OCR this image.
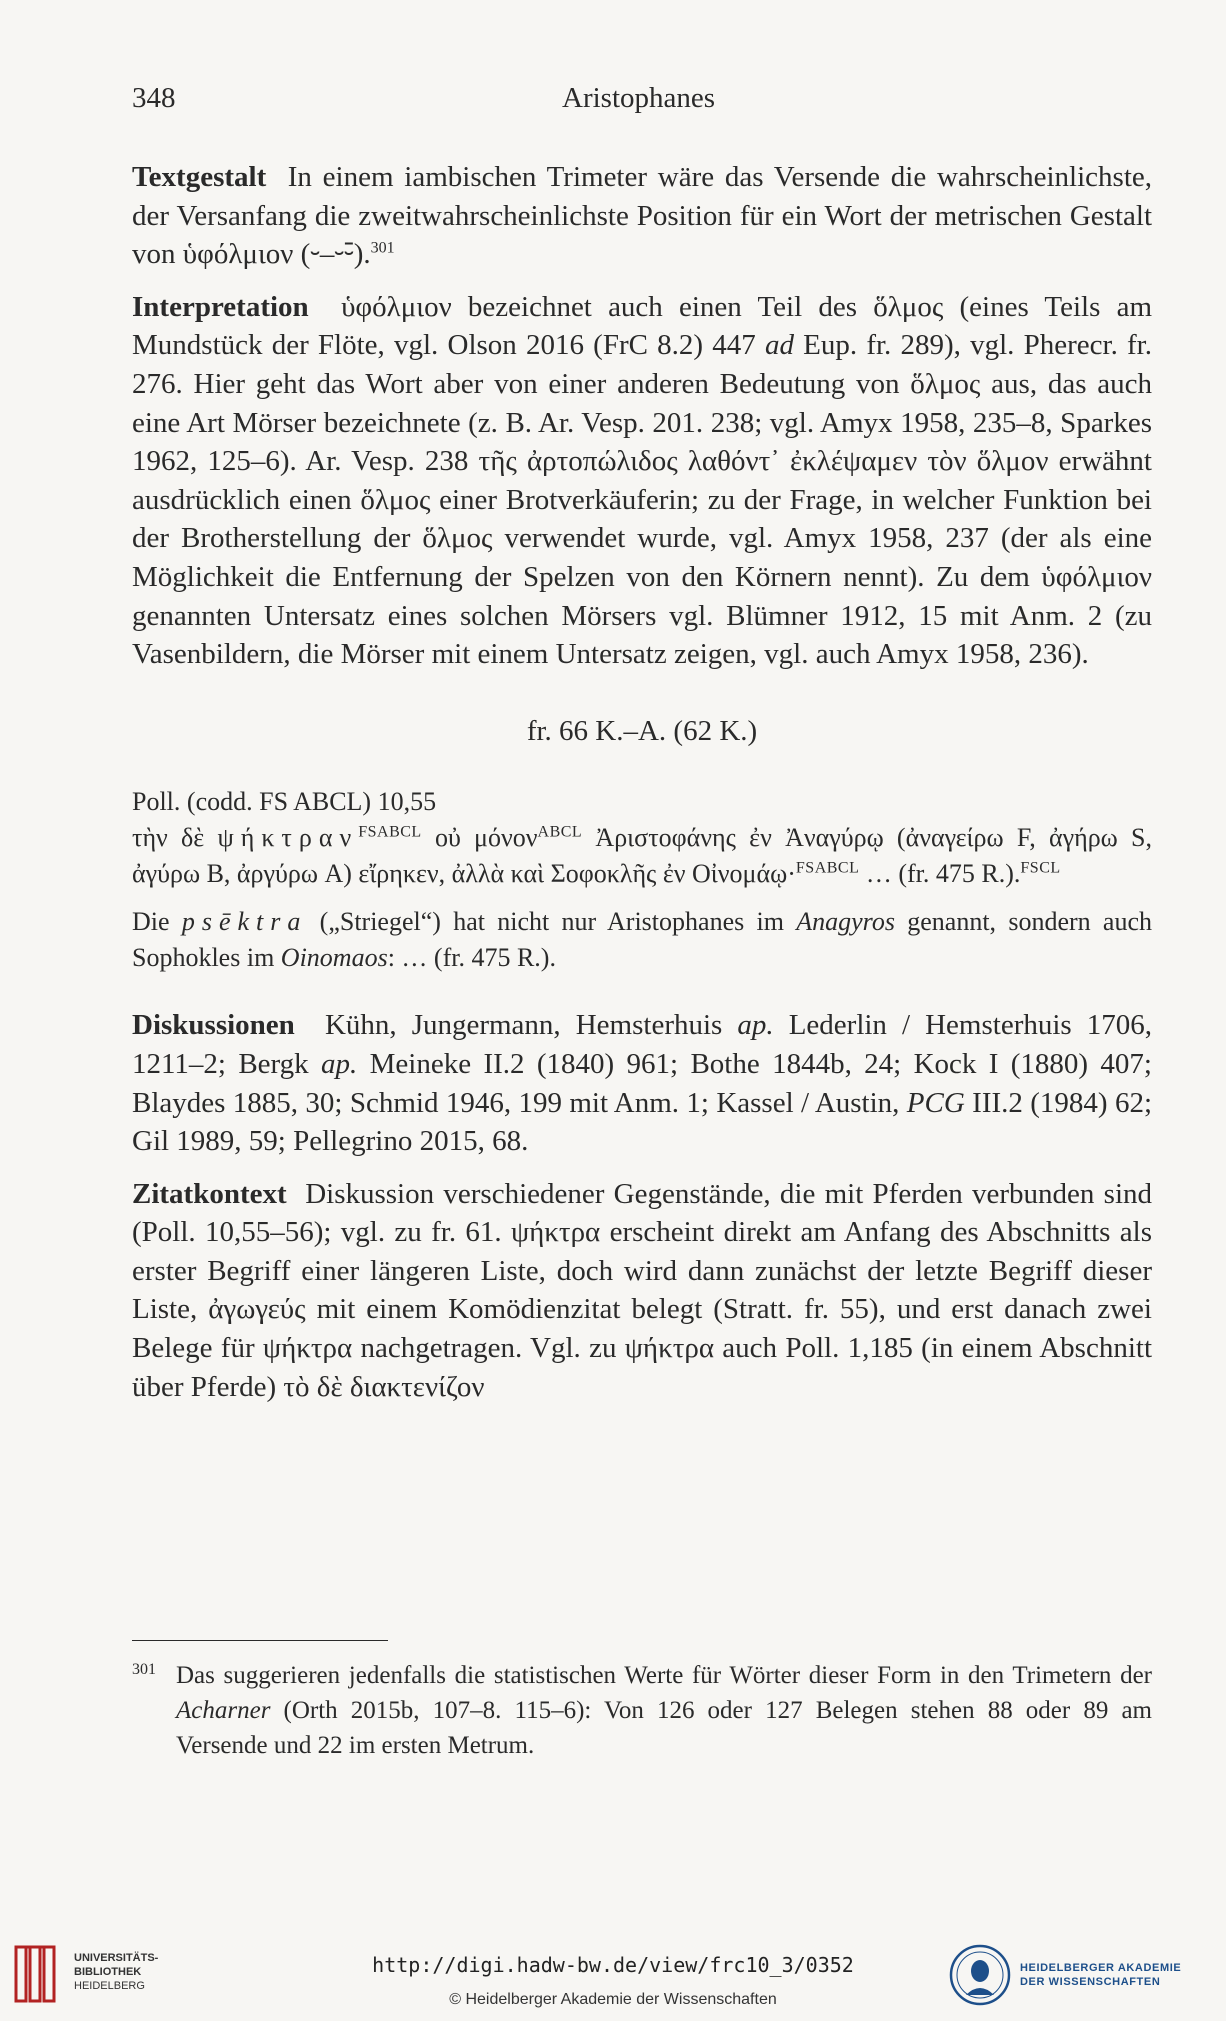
348	Aristophanes

Textgestalt In einem iambischen Trimeter wäre das Versende die wahrscheinlichste, der Versanfang die zweitwahrscheinlichste Position für ein Wort der metrischen Gestalt von ὑφόλμιον (⏑–⏑⏑̄).$^{301}$

Interpretation ὑφόλμιον bezeichnet auch einen Teil des ὅλμος (eines Teils am Mundstück der Flöte, vgl. Olson 2016 (FrC 8.2) 447 ad Eup. fr. 289), vgl. Pherecr. fr. 276. Hier geht das Wort aber von einer anderen Bedeutung von ὅλμος aus, das auch eine Art Mörser bezeichnete (z. B. Ar. Vesp. 201. 238; vgl. Amyx 1958, 235–8, Sparkes 1962, 125–6). Ar. Vesp. 238 τῆς ἀρτοπώλιδος λαθόντ᾽ ἐκλέψαμεν τὸν ὅλμον erwähnt ausdrücklich einen ὅλμος einer Brotverkäuferin; zu der Frage, in welcher Funktion bei der Brotherstellung der ὅλμος verwendet wurde, vgl. Amyx 1958, 237 (der als eine Möglichkeit die Entfernung der Spelzen von den Körnern nennt). Zu dem ὑφόλμιον genannten Untersatz eines solchen Mörsers vgl. Blümner 1912, 15 mit Anm. 2 (zu Vasenbildern, die Mörser mit einem Untersatz zeigen, vgl. auch Amyx 1958, 236).

fr. 66 K.–A. (62 K.)

Poll. (codd. FS ABCL) 10,55
τὴν δὲ ψήκτραν$^{FSABCL}$ οὐ μόνον$^{ABCL}$ Ἀριστοφάνης ἐν Ἀναγύρῳ (ἀναγείρω F, ἀγήρω S, ἀγύρω B, ἀργύρω A) εἴρηκεν, ἀλλὰ καὶ Σοφοκλῆς ἐν Οἰνομάῳ·$^{FSABCL}$ … (fr. 475 R.).$^{FSCL}$
Die psēktra („Striegel“) hat nicht nur Aristophanes im Anagyros genannt, sondern auch Sophokles im Oinomaos: … (fr. 475 R.).

Diskussionen Kühn, Jungermann, Hemsterhuis ap. Lederlin / Hemsterhuis 1706, 1211–2; Bergk ap. Meineke II.2 (1840) 961; Bothe 1844b, 24; Kock I (1880) 407; Blaydes 1885, 30; Schmid 1946, 199 mit Anm. 1; Kassel / Austin, PCG III.2 (1984) 62; Gil 1989, 59; Pellegrino 2015, 68.

Zitatkontext Diskussion verschiedener Gegenstände, die mit Pferden verbunden sind (Poll. 10,55–56); vgl. zu fr. 61. ψήκτρα erscheint direkt am Anfang des Abschnitts als erster Begriff einer längeren Liste, doch wird dann zunächst der letzte Begriff dieser Liste, ἀγωγεύς mit einem Komödienzitat belegt (Stratt. fr. 55), und erst danach zwei Belege für ψήκτρα nachgetragen. Vgl. zu ψήκτρα auch Poll. 1,185 (in einem Abschnitt über Pferde) τὸ δὲ διακτενίζον

301 Das suggerieren jedenfalls die statistischen Werte für Wörter dieser Form in den Trimetern der Acharner (Orth 2015b, 107–8. 115–6): Von 126 oder 127 Belegen stehen 88 oder 89 am Versende und 22 im ersten Metrum.
UNIVERSITÄTS-
BIBLIOTHEK
HEIDELBERG
http://digi.hadw-bw.de/view/frc10_3/0352
© Heidelberger Akademie der Wissenschaften
HEIDELBERGER AKADEMIE
DER WISSENSCHAFTEN
